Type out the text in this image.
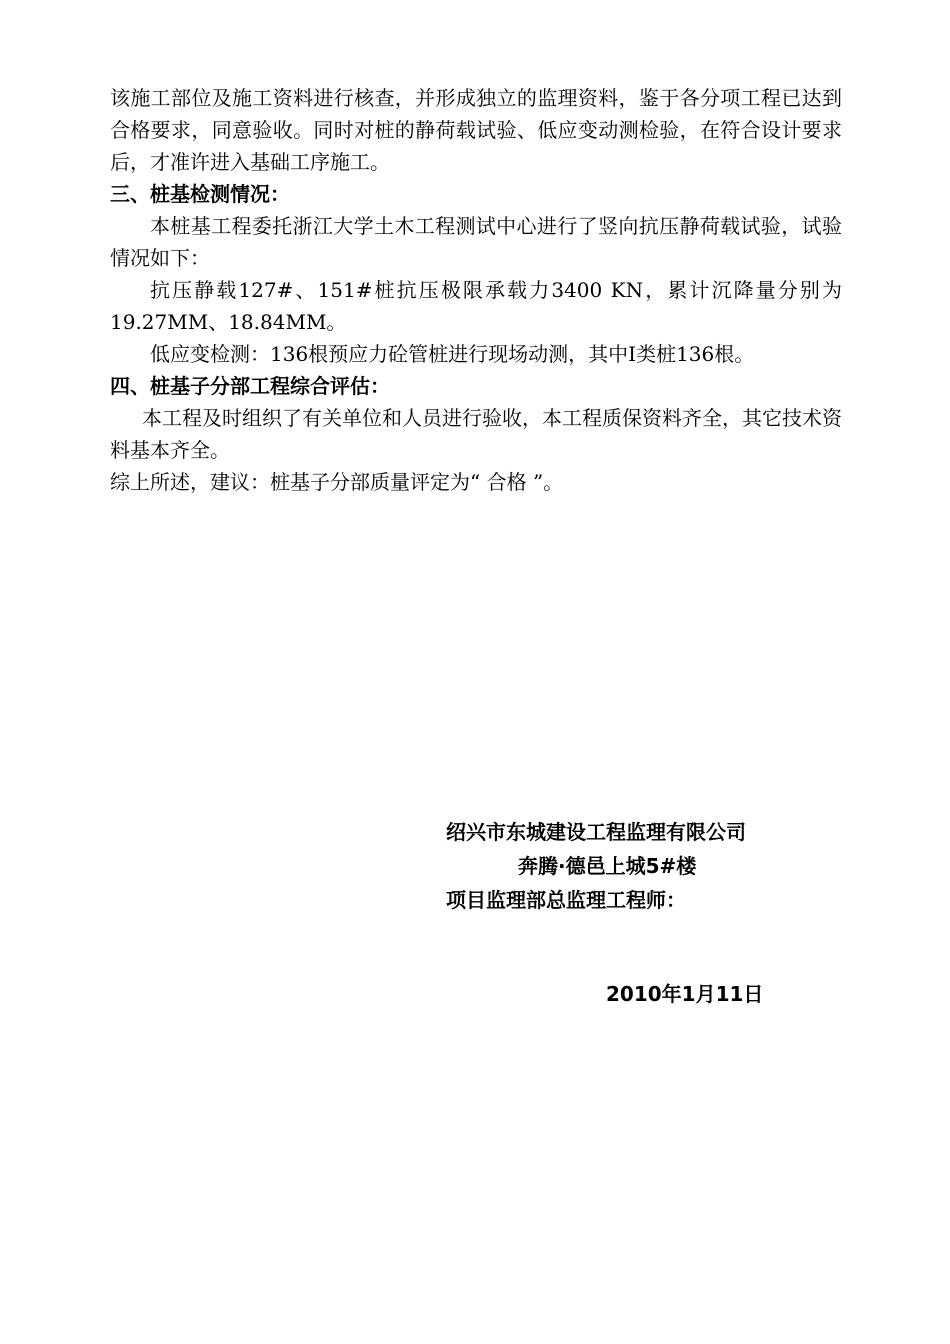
该施工部位及施工资料进行核查，并形成独立的监理资料，鉴于各分项工程已达到合格要求，同意验收。同时对桩的静荷载试验、低应变动测检验，在符合设计要求后，才准许进入基础工序施工。

三、桩基检测情况：

本桩基工程委托浙江大学土木工程测试中心进行了竖向抗压静荷载试验，试验情况如下：

抗压静载127#、151#桩抗压极限承载力3400 KN，累计沉降量分别为19.27MM、18.84MM。

低应变检测：136根预应力砼管桩进行现场动测，其中Ⅰ类桩136根。

四、桩基子分部工程综合评估：

本工程及时组织了有关单位和人员进行验收，本工程质保资料齐全，其它技术资料基本齐全。

综上所述，建议：桩基子分部质量评定为“ 合格 ”。

绍兴市东城建设工程监理有限公司
奔腾·德邑上城5#楼
项目监理部总监理工程师：
2010年1月11日
